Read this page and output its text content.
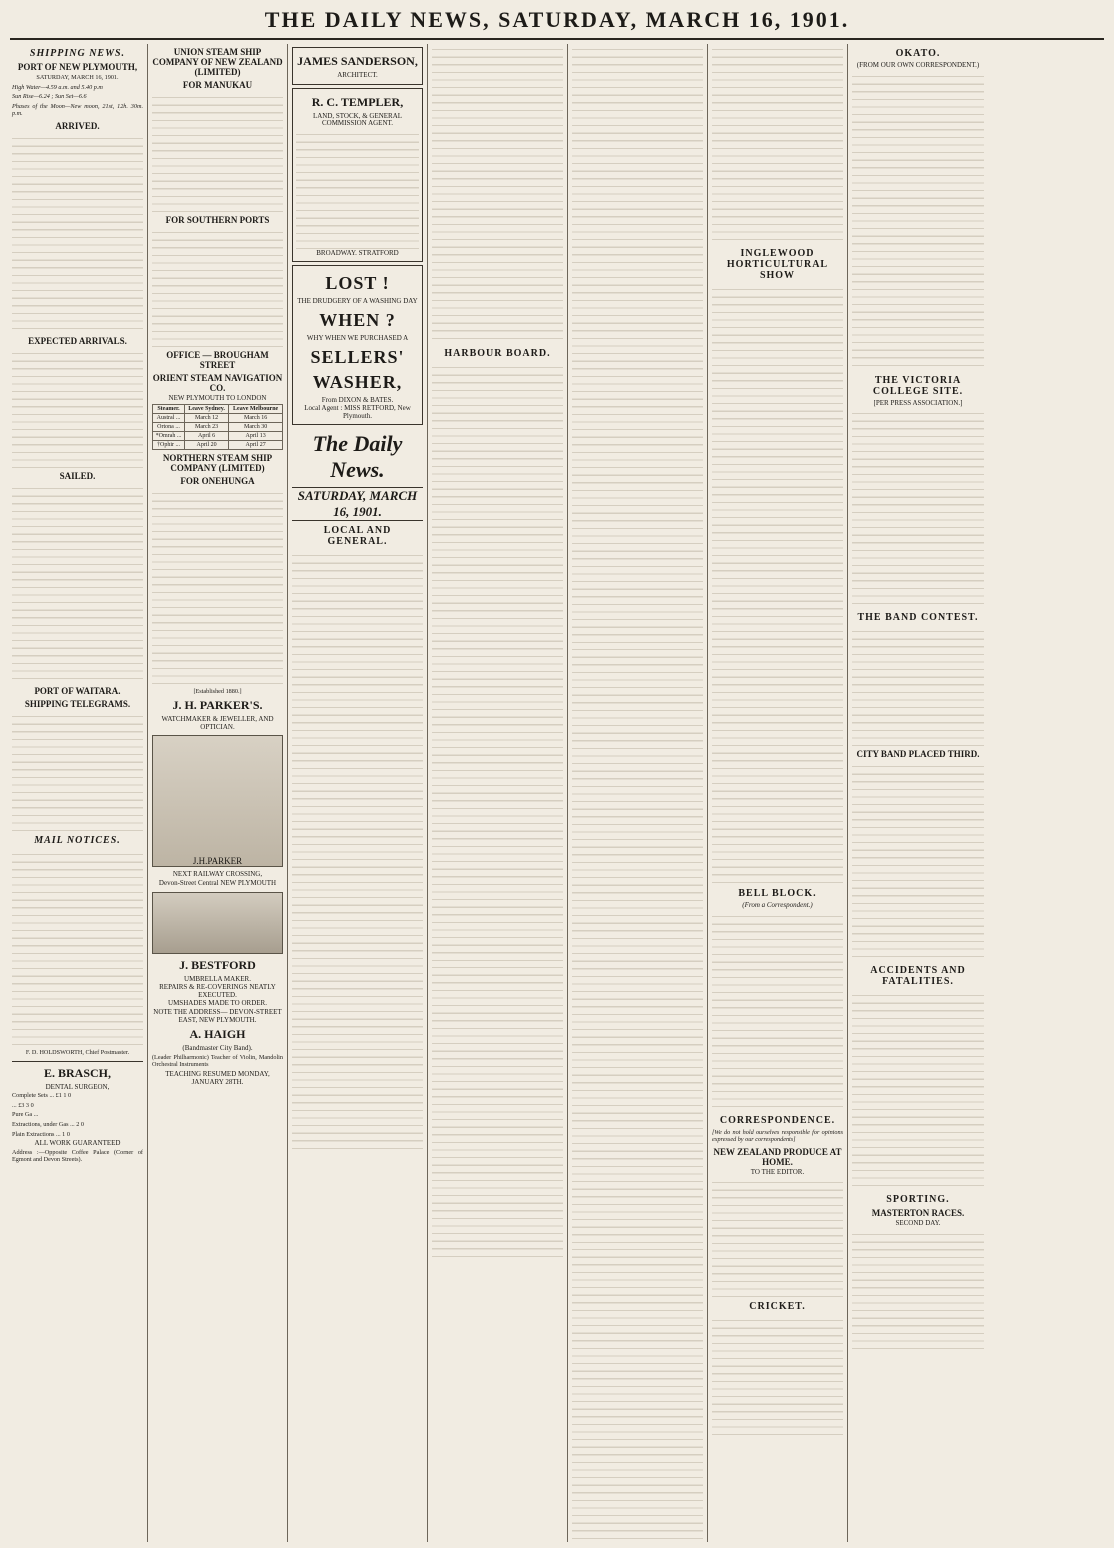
THE DAILY NEWS, SATURDAY, MARCH 16, 1901.
SHIPPING NEWS.
PORT OF NEW PLYMOUTH,

SATURDAY, MARCH 16, 1901.

High Water—4.59 a.m. and 5.40 p.m

Sun Rise—6.24 ; Sun Set—6.6

Phases of the Moon—New moon, 21st, 12h. 30m. p.m.

ARRIVED.
EXPECTED ARRIVALS.
SAILED.
PORT OF WAITARA.
SHIPPING TELEGRAMS.
MAIL NOTICES.

F. D. HOLDSWORTH, Chief Postmaster.

E. BRASCH,

DENTAL SURGEON,

Complete Sets ... £1 1 0

... £3 3 0

Pure Ga ...

Extractions, under Gas ... 2 0

Plain Extractions ... 1 0

ALL WORK GUARANTEED

Address :—Opposite Coffee Palace (Corner of Egmont and Devon Streets).

UNION STEAM SHIP COMPANY OF NEW ZEALAND (LIMITED)
FOR MANUKAU
FOR SOUTHERN PORTS
OFFICE — BROUGHAM STREET
ORIENT STEAM NAVIGATION CO.

NEW PLYMOUTH TO LONDON

Steamer.	Leave Sydney.	Leave Melbourne
Austral ...	March 12	March 16
Ortona ...	March 23	March 30
*Omrah ...	April 6	April 13
†Ophir ...	April 20	April 27
NORTHERN STEAM SHIP COMPANY (LIMITED)
FOR ONEHUNGA

[Established 1880.]

J. H. PARKER'S.

WATCHMAKER & JEWELLER, AND OPTICIAN.

J.H.PARKER

NEXT RAILWAY CROSSING,

Devon-Street Central NEW PLYMOUTH

J. BESTFORD

UMBRELLA MAKER.

REPAIRS & RE-COVERINGS NEATLY EXECUTED.

UMSHADES MADE TO ORDER.

NOTE THE ADDRESS— DEVON-STREET EAST, NEW PLYMOUTH.

A. HAIGH

(Bandmaster City Band).

(Leader Philharmonic) Teacher of Violin, Mandolin Orchestral Instruments

TEACHING RESUMED MONDAY, JANUARY 28TH.

JAMES SANDERSON,

ARCHITECT.

R. C. TEMPLER,

LAND, STOCK, & GENERAL COMMISSION AGENT.

BROADWAY. STRATFORD

LOST !

THE DRUDGERY OF A WASHING DAY

WHEN ?

WHY WHEN WE PURCHASED A

SELLERS'
WASHER,

From DIXON & BATES.

Local Agent : MISS RETFORD, New Plymouth.

The Daily News.
SATURDAY, MARCH 16, 1901.
LOCAL AND GENERAL.
HARBOUR BOARD.
INGLEWOOD HORTICULTURAL SHOW
BELL BLOCK.

(From a Correspondent.)

CORRESPONDENCE.

[We do not hold ourselves responsible for opinions expressed by our correspondents]

NEW ZEALAND PRODUCE AT HOME.

TO THE EDITOR.

CRICKET.
OKATO.

(FROM OUR OWN CORRESPONDENT.)

THE VICTORIA COLLEGE SITE.

[PER PRESS ASSOCIATION.]

THE BAND CONTEST.
CITY BAND PLACED THIRD.
ACCIDENTS AND FATALITIES.
SPORTING.
MASTERTON RACES.

SECOND DAY.
